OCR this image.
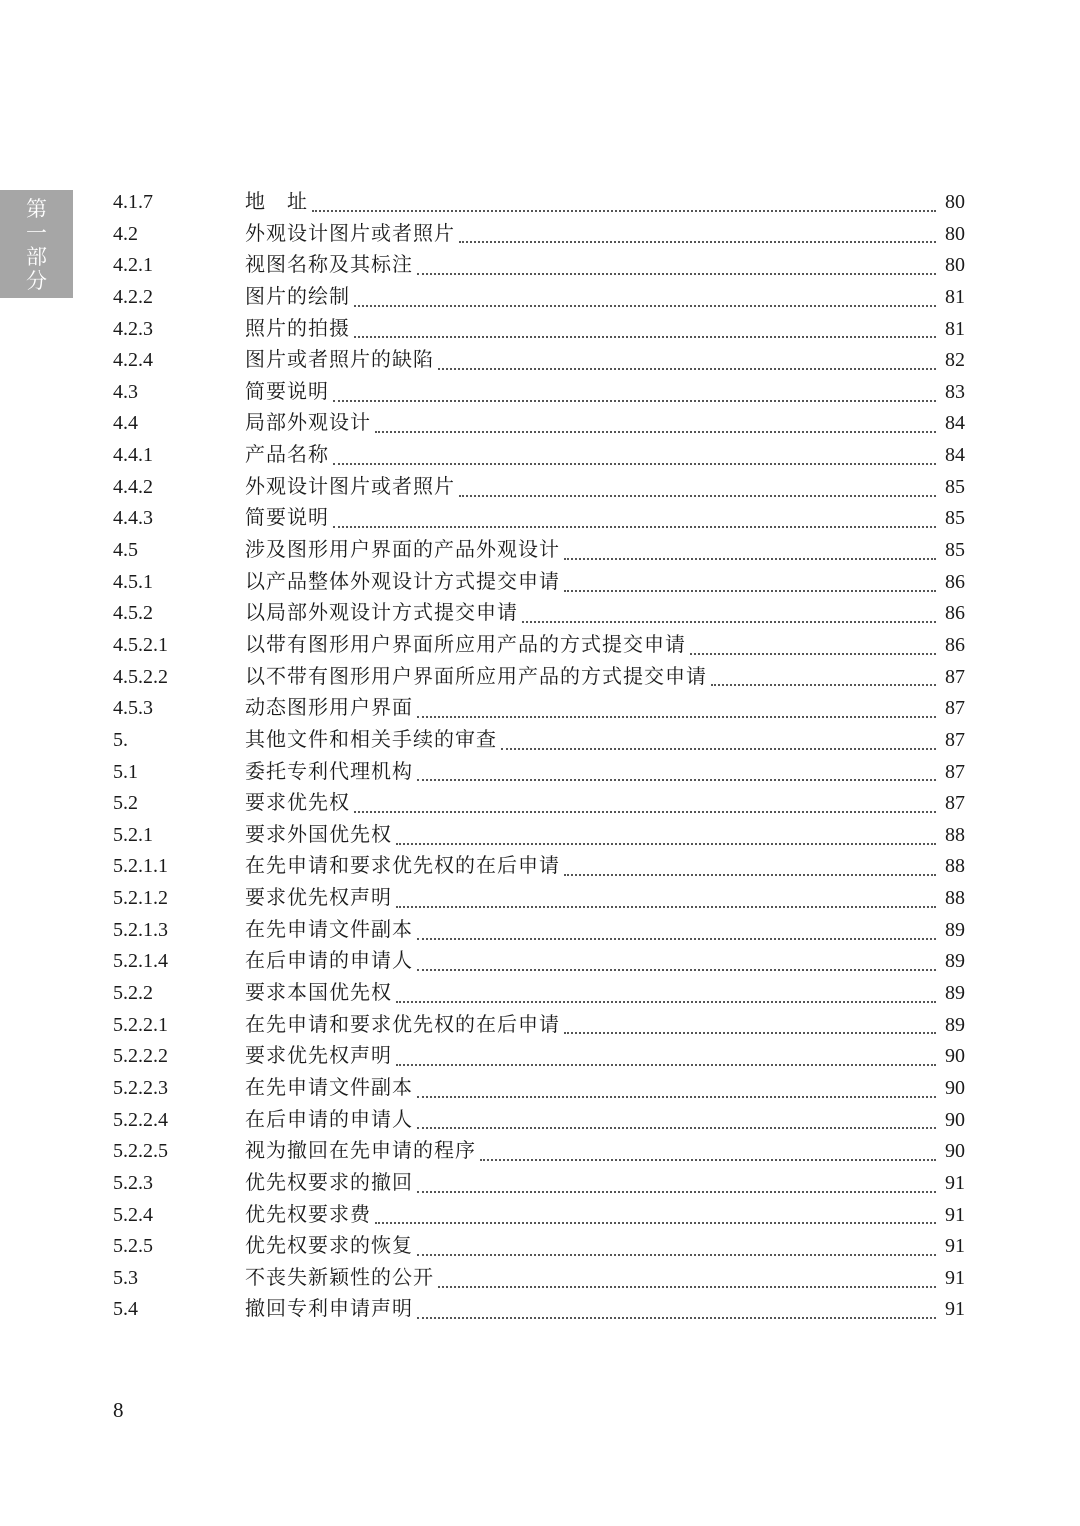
第
一
部
分
4.1.7	地　址	80
4.2	外观设计图片或者照片	80
4.2.1	视图名称及其标注	80
4.2.2	图片的绘制	81
4.2.3	照片的拍摄	81
4.2.4	图片或者照片的缺陷	82
4.3	简要说明	83
4.4	局部外观设计	84
4.4.1	产品名称	84
4.4.2	外观设计图片或者照片	85
4.4.3	简要说明	85
4.5	涉及图形用户界面的产品外观设计	85
4.5.1	以产品整体外观设计方式提交申请	86
4.5.2	以局部外观设计方式提交申请	86
4.5.2.1	以带有图形用户界面所应用产品的方式提交申请	86
4.5.2.2	以不带有图形用户界面所应用产品的方式提交申请	87
4.5.3	动态图形用户界面	87
5.	其他文件和相关手续的审查	87
5.1	委托专利代理机构	87
5.2	要求优先权	87
5.2.1	要求外国优先权	88
5.2.1.1	在先申请和要求优先权的在后申请	88
5.2.1.2	要求优先权声明	88
5.2.1.3	在先申请文件副本	89
5.2.1.4	在后申请的申请人	89
5.2.2	要求本国优先权	89
5.2.2.1	在先申请和要求优先权的在后申请	89
5.2.2.2	要求优先权声明	90
5.2.2.3	在先申请文件副本	90
5.2.2.4	在后申请的申请人	90
5.2.2.5	视为撤回在先申请的程序	90
5.2.3	优先权要求的撤回	91
5.2.4	优先权要求费	91
5.2.5	优先权要求的恢复	91
5.3	不丧失新颖性的公开	91
5.4	撤回专利申请声明	91
8
